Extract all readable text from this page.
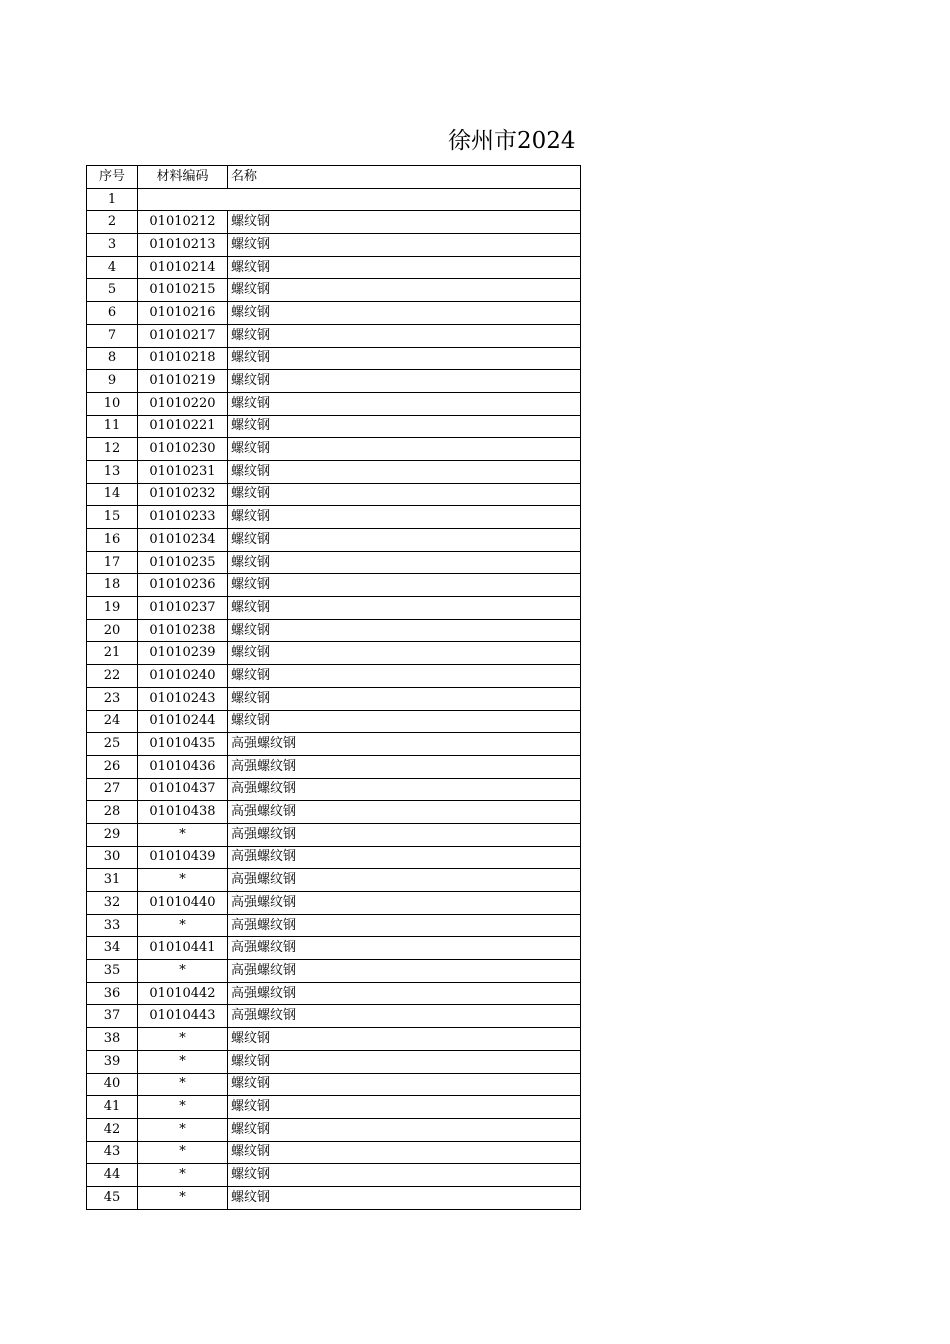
徐州市2024
序号	材料编码	名称
1		
2	01010212	螺纹钢
3	01010213	螺纹钢
4	01010214	螺纹钢
5	01010215	螺纹钢
6	01010216	螺纹钢
7	01010217	螺纹钢
8	01010218	螺纹钢
9	01010219	螺纹钢
10	01010220	螺纹钢
11	01010221	螺纹钢
12	01010230	螺纹钢
13	01010231	螺纹钢
14	01010232	螺纹钢
15	01010233	螺纹钢
16	01010234	螺纹钢
17	01010235	螺纹钢
18	01010236	螺纹钢
19	01010237	螺纹钢
20	01010238	螺纹钢
21	01010239	螺纹钢
22	01010240	螺纹钢
23	01010243	螺纹钢
24	01010244	螺纹钢
25	01010435	高强螺纹钢
26	01010436	高强螺纹钢
27	01010437	高强螺纹钢
28	01010438	高强螺纹钢
29	*	高强螺纹钢
30	01010439	高强螺纹钢
31	*	高强螺纹钢
32	01010440	高强螺纹钢
33	*	高强螺纹钢
34	01010441	高强螺纹钢
35	*	高强螺纹钢
36	01010442	高强螺纹钢
37	01010443	高强螺纹钢
38	*	螺纹钢
39	*	螺纹钢
40	*	螺纹钢
41	*	螺纹钢
42	*	螺纹钢
43	*	螺纹钢
44	*	螺纹钢
45	*	螺纹钢
